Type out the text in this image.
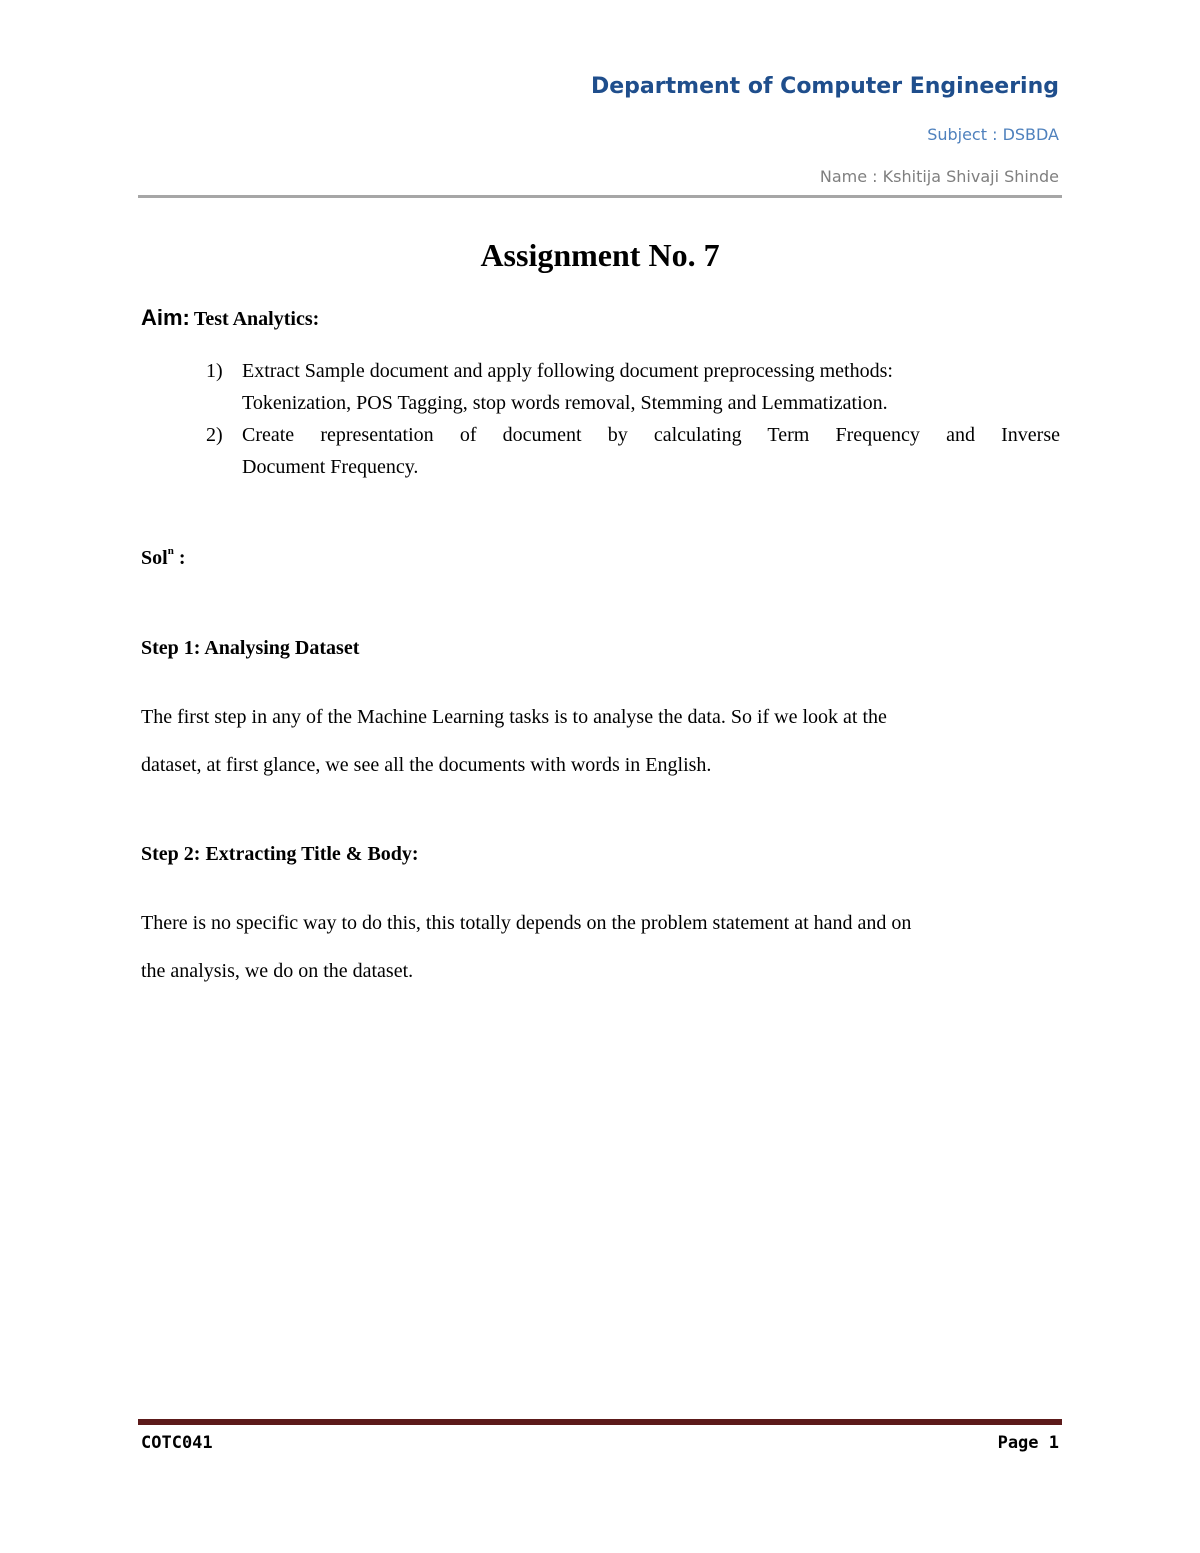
Department of Computer Engineering
Subject : DSBDA
Name : Kshitija Shivaji Shinde
Assignment No. 7
Aim: Test Analytics:
1) Extract Sample document and apply following document preprocessing methods:
Tokenization, POS Tagging, stop words removal, Stemming and Lemmatization.
2) Create representation of document by calculating Term Frequency and Inverse
Document Frequency.
Sol$^n$ :
Step 1: Analysing Dataset
The first step in any of the Machine Learning tasks is to analyse the data. So if we look at the
dataset, at first glance, we see all the documents with words in English.
Step 2: Extracting Title & Body:
There is no specific way to do this, this totally depends on the problem statement at hand and on
the analysis, we do on the dataset.
COTC041	Page 1
